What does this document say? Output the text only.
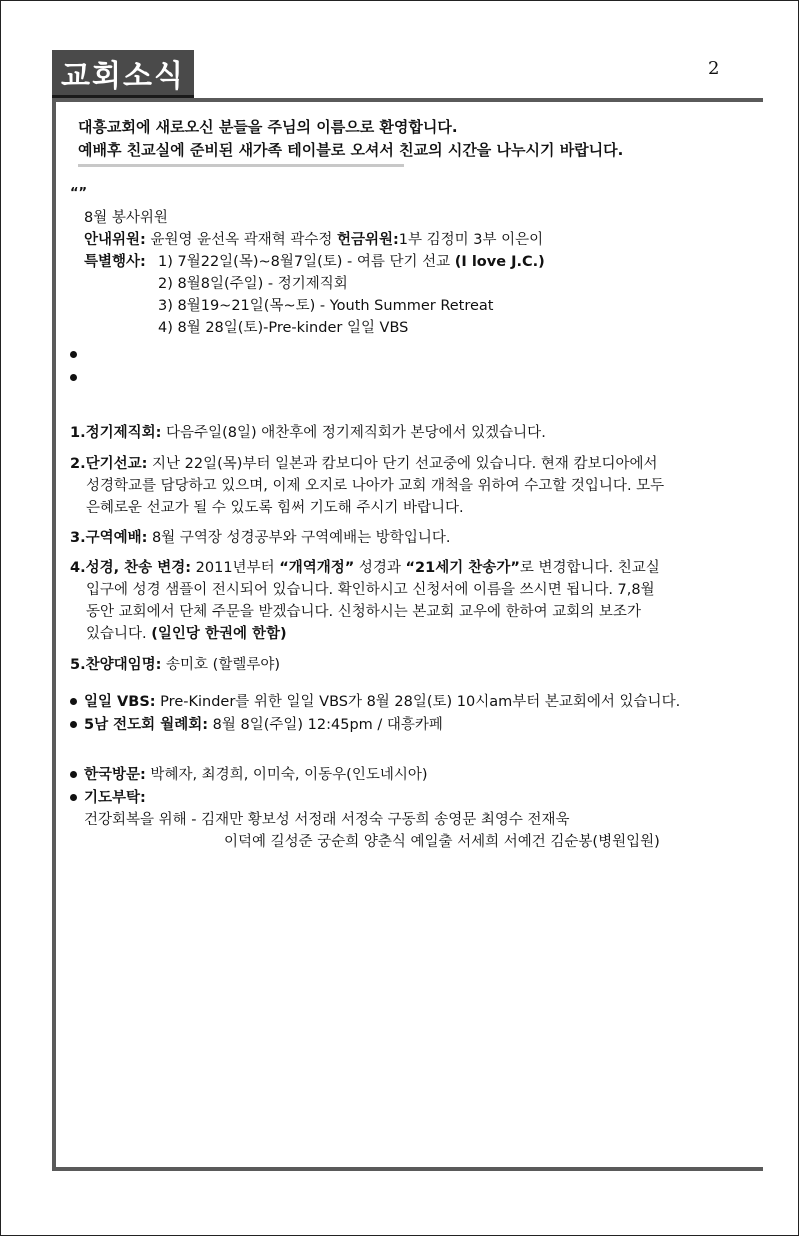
교회소식	2
대흥교회에 새로오신 분들을 주님의 이름으로 환영합니다.
예배후 친교실에 준비된 새가족 테이블로 오셔서 친교의 시간을 나누시기 바랍니다.
“”
8월 봉사위원
안내위원: 윤원영 윤선옥 곽재혁 곽수정 헌금위원:1부 김정미 3부 이은이
특별행사: 1) 7월22일(목)~8월7일(토) - 여름 단기 선교 (I love J.C.)
2) 8월8일(주일) - 정기제직회
3) 8월19~21일(목~토) - Youth Summer Retreat
4) 8월 28일(토)-Pre-kinder 일일 VBS
1.정기제직회: 다음주일(8일) 애찬후에 정기제직회가 본당에서 있겠습니다.
2.단기선교: 지난 22일(목)부터 일본과 캄보디아 단기 선교중에 있습니다. 현재 캄보디아에서
성경학교를 담당하고 있으며, 이제 오지로 나아가 교회 개척을 위하여 수고할 것입니다. 모두
은혜로운 선교가 될 수 있도록 힘써 기도해 주시기 바랍니다.
3.구역예배: 8월 구역장 성경공부와 구역예배는 방학입니다.
4.성경, 찬송 변경: 2011년부터 “개역개정” 성경과 “21세기 찬송가”로 변경합니다. 친교실
입구에 성경 샘플이 전시되어 있습니다. 확인하시고 신청서에 이름을 쓰시면 됩니다. 7,8월
동안 교회에서 단체 주문을 받겠습니다. 신청하시는 본교회 교우에 한하여 교회의 보조가
있습니다. (일인당 한권에 한함)
5.찬양대임명: 송미호 (할렐루야)
일일 VBS: Pre-Kinder를 위한 일일 VBS가 8월 28일(토) 10시am부터 본교회에서 있습니다.
5남 전도회 월례회: 8월 8일(주일) 12:45pm / 대흥카페
한국방문: 박혜자, 최경희, 이미숙, 이동우(인도네시아)
기도부탁:
건강회복을 위해 - 김재만 황보성 서정래 서정숙 구동희 송영문 최영수 전재욱
이덕예 길성준 궁순희 양춘식 예일출 서세희 서예건 김순봉(병원입원)
